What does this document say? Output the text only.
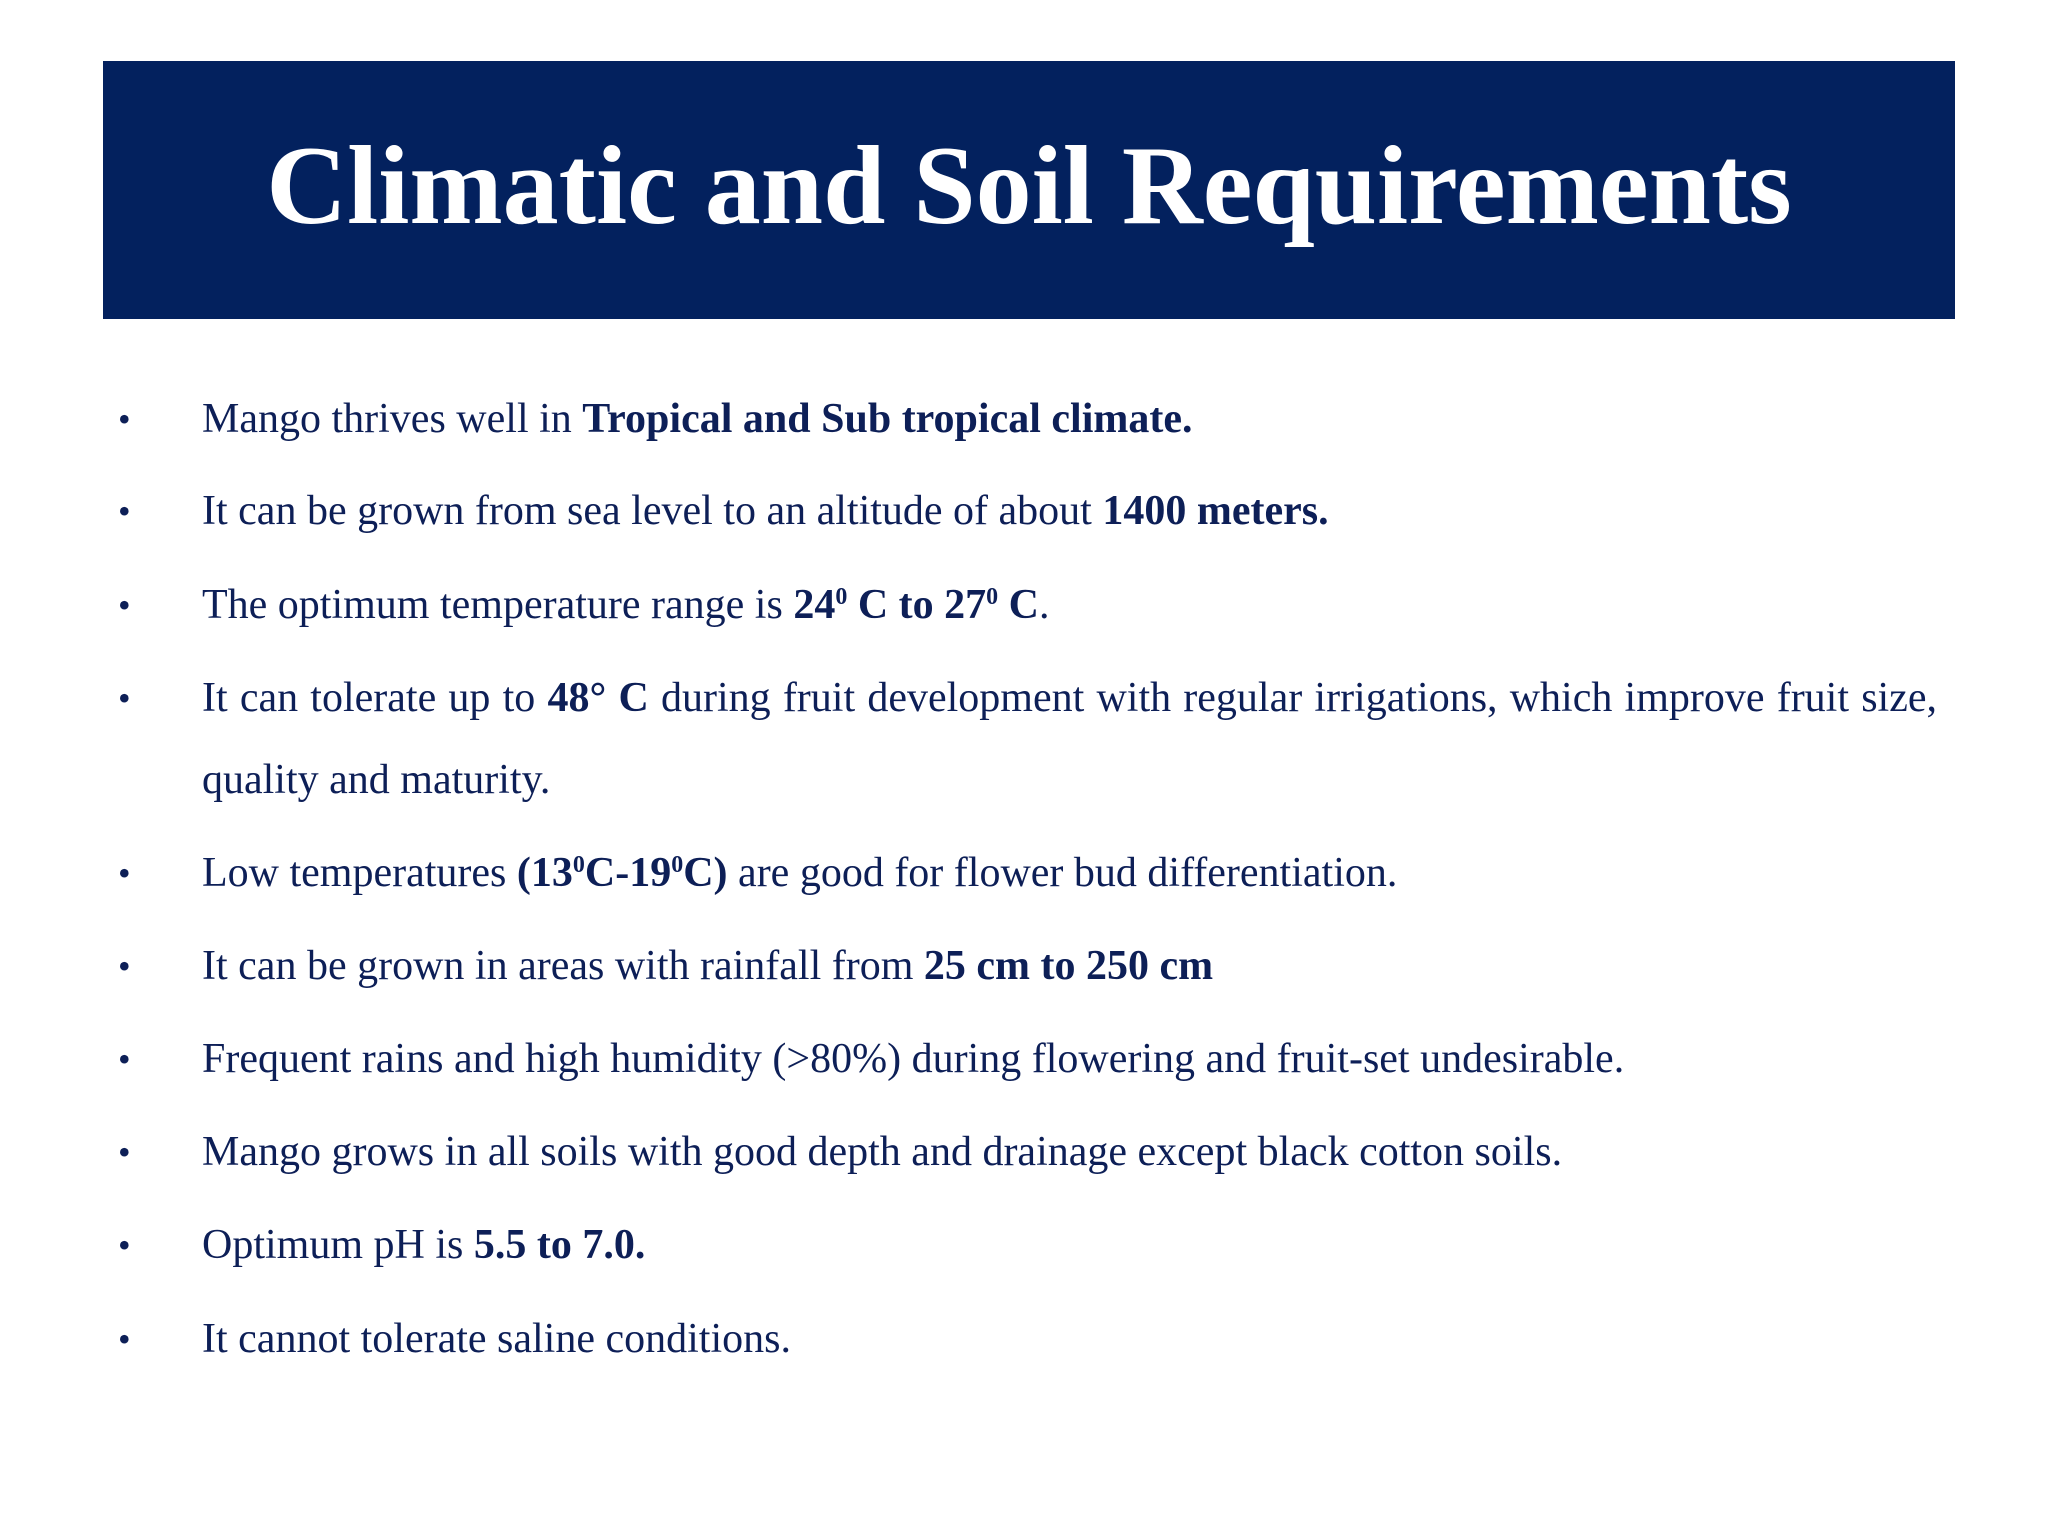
Climatic and Soil Requirements
•	Mango thrives well in Tropical and Sub tropical climate.
•	It can be grown from sea level to an altitude of about 1400 meters.
•	The optimum temperature range is $24^0$ C to $27^0$ C.
•	It can tolerate up to 48° C during fruit development with regular irrigations, which improve fruit size, quality and maturity.
•	Low temperatures $(13^0C-19^0C)$ are good for flower bud differentiation.
•	It can be grown in areas with rainfall from 25 cm to 250 cm
•	Frequent rains and high humidity (>80%) during flowering and fruit-set undesirable.
•	Mango grows in all soils with good depth and drainage except black cotton soils.
•	Optimum pH is 5.5 to 7.0.
•	It cannot tolerate saline conditions.
